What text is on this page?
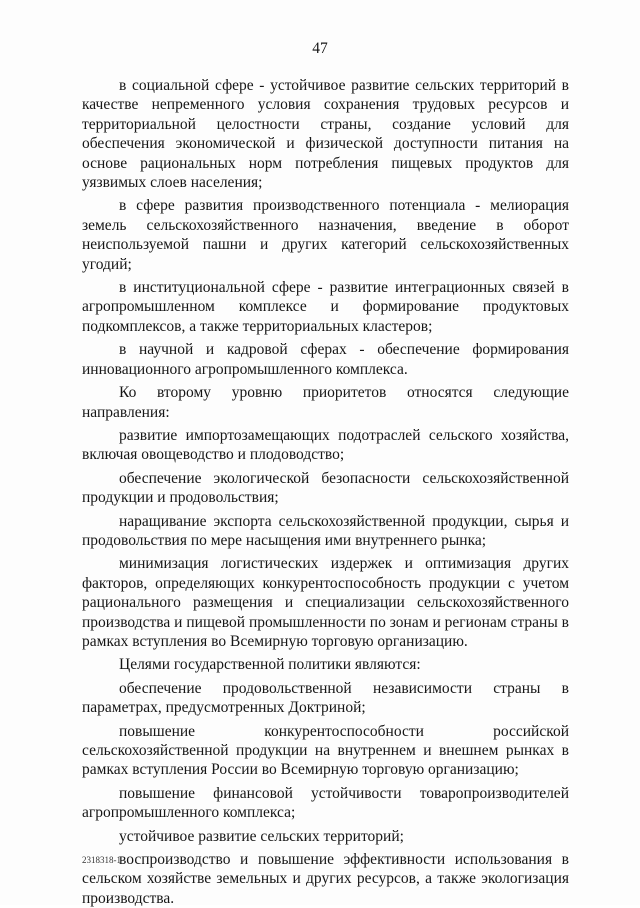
47

в социальной сфере - устойчивое развитие сельских территорий в качестве непременного условия сохранения трудовых ресурсов и территориальной целостности страны, создание условий для обеспечения экономической и физической доступности питания на основе рациональных норм потребления пищевых продуктов для уязвимых слоев населения;

в сфере развития производственного потенциала - мелиорация земель сельскохозяйственного назначения, введение в оборот неиспользуемой пашни и других категорий сельскохозяйственных угодий;

в институциональной сфере - развитие интеграционных связей в агропромышленном комплексе и формирование продуктовых подкомплексов, а также территориальных кластеров;

в научной и кадровой сферах - обеспечение формирования инновационного агропромышленного комплекса.

Ко второму уровню приоритетов относятся следующие направления:

развитие импортозамещающих подотраслей сельского хозяйства, включая овощеводство и плодоводство;

обеспечение экологической безопасности сельскохозяйственной продукции и продовольствия;

наращивание экспорта сельскохозяйственной продукции, сырья и продовольствия по мере насыщения ими внутреннего рынка;

минимизация логистических издержек и оптимизация других факторов, определяющих конкурентоспособность продукции с учетом рационального размещения и специализации сельскохозяйственного производства и пищевой промышленности по зонам и регионам страны в рамках вступления во Всемирную торговую организацию.

Целями государственной политики являются:

обеспечение продовольственной независимости страны в параметрах, предусмотренных Доктриной;

повышение конкурентоспособности российской сельскохозяйственной продукции на внутреннем и внешнем рынках в рамках вступления России во Всемирную торговую организацию;

повышение финансовой устойчивости товаропроизводителей агропромышленного комплекса;

устойчивое развитие сельских территорий;

воспроизводство и повышение эффективности использования в сельском хозяйстве земельных и других ресурсов, а также экологизация производства.

2318318-1
